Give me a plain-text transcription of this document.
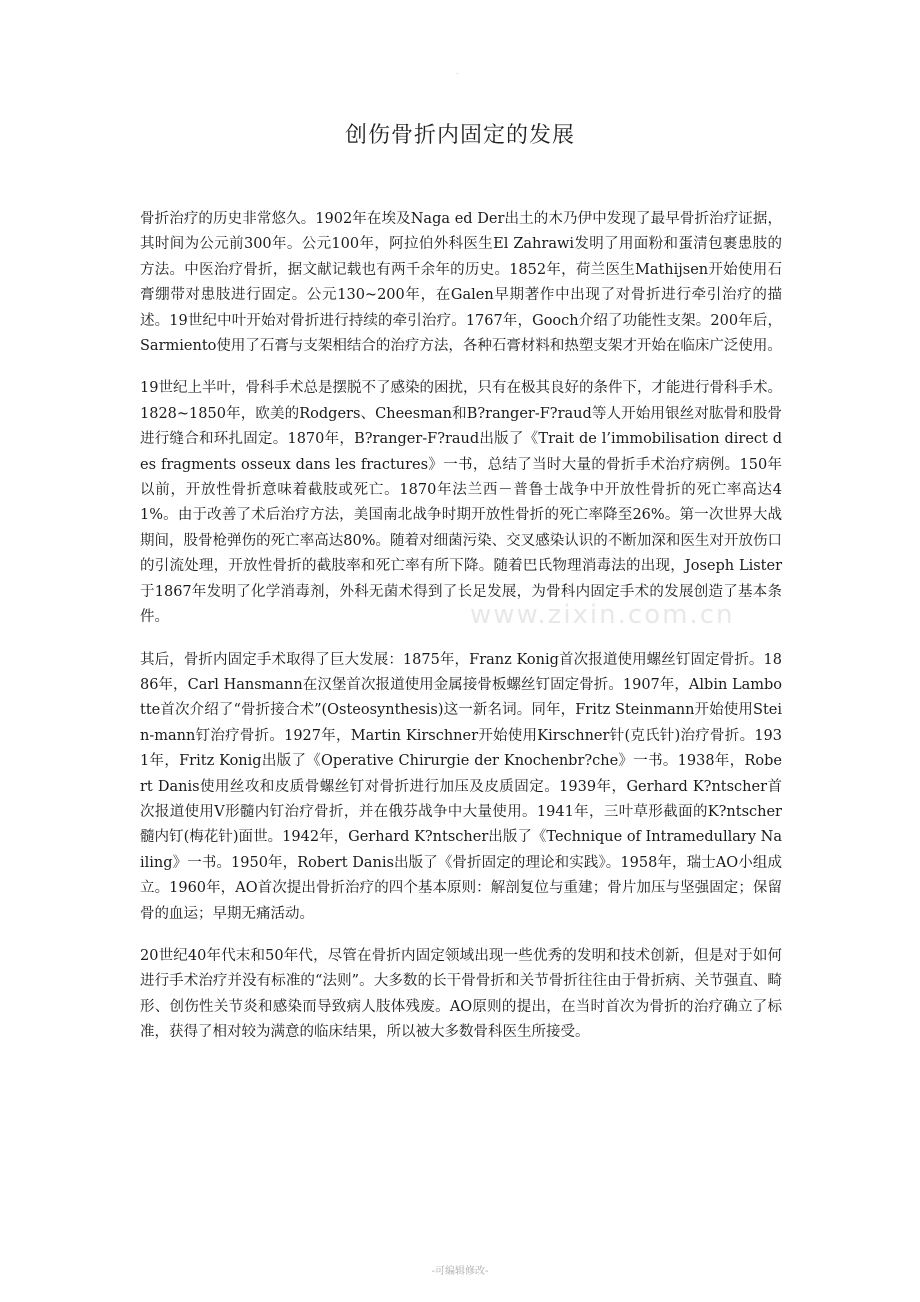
·
创伤骨折内固定的发展
www.zixin.com.cn

骨折治疗的历史非常悠久。1902年在埃及Naga ed Der出土的木乃伊中发现了最早骨折治疗证据，其时间为公元前300年。公元100年，阿拉伯外科医生El Zahrawi发明了用面粉和蛋清包裹患肢的方法。中医治疗骨折，据文献记载也有两千余年的历史。1852年，荷兰医生Mathijsen开始使用石膏绷带对患肢进行固定。公元130~200年，在Galen早期著作中出现了对骨折进行牵引治疗的描述。19世纪中叶开始对骨折进行持续的牵引治疗。1767年，Gooch介绍了功能性支架。200年后，Sarmiento使用了石膏与支架相结合的治疗方法，各种石膏材料和热塑支架才开始在临床广泛使用。

19世纪上半叶，骨科手术总是摆脱不了感染的困扰，只有在极其良好的条件下，才能进行骨科手术。1828~1850年，欧美的Rodgers、Cheesman和B?ranger-F?raud等人开始用银丝对肱骨和股骨进行缝合和环扎固定。1870年，B?ranger-F?raud出版了《Trait de l’immobilisation direct des fragments osseux dans les fractures》一书，总结了当时大量的骨折手术治疗病例。150年以前，开放性骨折意味着截肢或死亡。1870年法兰西－普鲁士战争中开放性骨折的死亡率高达41%。由于改善了术后治疗方法，美国南北战争时期开放性骨折的死亡率降至26%。第一次世界大战期间，股骨枪弹伤的死亡率高达80%。随着对细菌污染、交叉感染认识的不断加深和医生对开放伤口的引流处理，开放性骨折的截肢率和死亡率有所下降。随着巴氏物理消毒法的出现，Joseph Lister于1867年发明了化学消毒剂，外科无菌术得到了长足发展，为骨科内固定手术的发展创造了基本条件。

其后，骨折内固定手术取得了巨大发展：1875年，Franz Konig首次报道使用螺丝钉固定骨折。1886年，Carl Hansmann在汉堡首次报道使用金属接骨板螺丝钉固定骨折。1907年，Albin Lambotte首次介绍了“骨折接合术”(Osteosynthesis)这一新名词。同年，Fritz Steinmann开始使用Stein-mann钉治疗骨折。1927年，Martin Kirschner开始使用Kirschner针(克氏针)治疗骨折。1931年，Fritz Konig出版了《Operative Chirurgie der Knochenbr?che》一书。1938年，Robert Danis使用丝攻和皮质骨螺丝钉对骨折进行加压及皮质固定。1939年，Gerhard K?ntscher首次报道使用V形髓内钉治疗骨折，并在俄芬战争中大量使用。1941年，三叶草形截面的K?ntscher髓内钉(梅花针)面世。1942年，Gerhard K?ntscher出版了《Technique of Intramedullary Nailing》一书。1950年，Robert Danis出版了《骨折固定的理论和实践》。1958年，瑞士AO小组成立。1960年，AO首次提出骨折治疗的四个基本原则：解剖复位与重建；骨片加压与坚强固定；保留骨的血运；早期无痛活动。

20世纪40年代末和50年代，尽管在骨折内固定领域出现一些优秀的发明和技术创新，但是对于如何进行手术治疗并没有标准的“法则”。大多数的长干骨骨折和关节骨折往往由于骨折病、关节强直、畸形、创伤性关节炎和感染而导致病人肢体残废。AO原则的提出，在当时首次为骨折的治疗确立了标准，获得了相对较为满意的临床结果，所以被大多数骨科医生所接受。

-可编辑修改-
